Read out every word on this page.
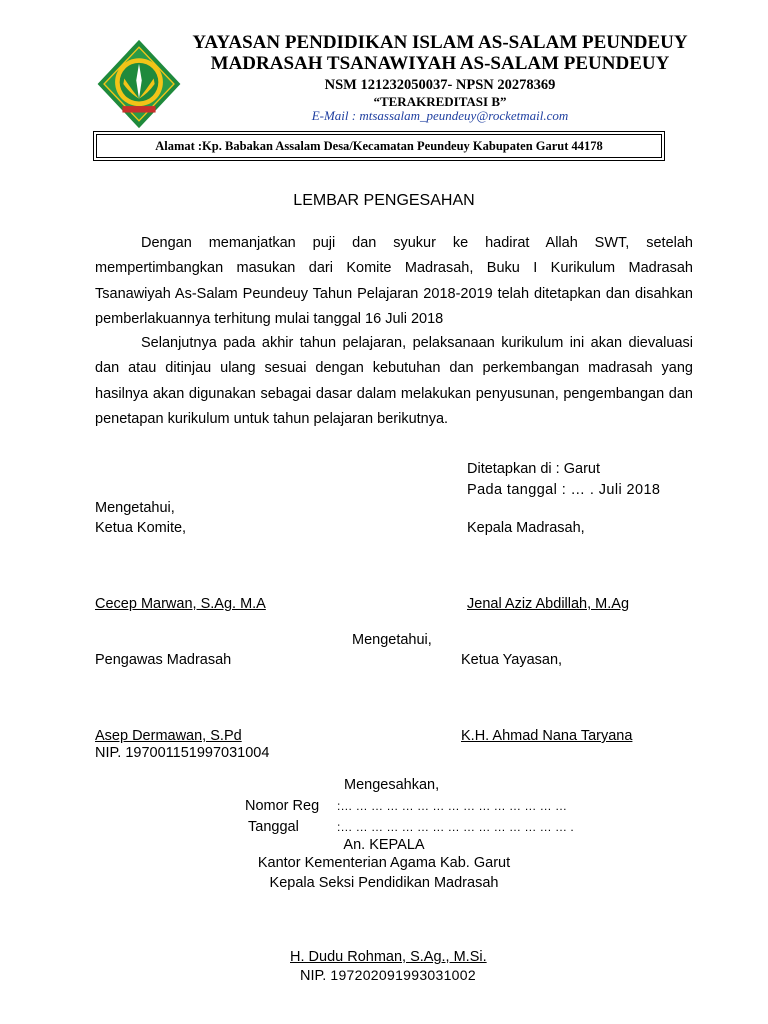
YAYASAN PENDIDIKAN ISLAM AS-SALAM PEUNDEUY
MADRASAH TSANAWIYAH AS-SALAM PEUNDEUY
NSM 121232050037- NPSN 20278369
“TERAKREDITASI B”
E-Mail : mtsassalam_peundeuy@rocketmail.com
Alamat :Kp. Babakan Assalam Desa/Kecamatan Peundeuy Kabupaten Garut 44178
LEMBAR PENGESAHAN
Dengan memanjatkan puji dan syukur ke hadirat Allah SWT, setelah mempertimbangkan masukan dari Komite Madrasah, Buku I Kurikulum Madrasah Tsanawiyah As-Salam Peundeuy Tahun Pelajaran 2018-2019 telah ditetapkan dan disahkan pemberlakuannya terhitung mulai tanggal 16 Juli 2018
Selanjutnya pada akhir tahun pelajaran, pelaksanaan kurikulum ini akan dievaluasi dan atau ditinjau ulang sesuai dengan kebutuhan dan perkembangan madrasah yang hasilnya akan digunakan sebagai dasar dalam melakukan penyusunan, pengembangan dan penetapan kurikulum untuk tahun pelajaran berikutnya.
Ditetapkan di : Garut
Pada tanggal : … . Juli 2018
Mengetahui,
Ketua Komite,	Kepala Madrasah,
Cecep Marwan, S.Ag. M.A	Jenal Aziz Abdillah, M.Ag
Mengetahui,
Pengawas Madrasah	Ketua Yayasan,
Asep Dermawan, S.Pd
NIP. 197001151997031004
K.H. Ahmad Nana Taryana
Mengesahkan,
Nomor Reg :… … … … … … … … … … … … … … …
Tanggal	:… … … … … … … … … … … … … … … .
An. KEPALA
Kantor Kementerian Agama Kab. Garut
Kepala Seksi Pendidikan Madrasah
H. Dudu Rohman, S.Ag., M.Si.
NIP. 197202091993031002
